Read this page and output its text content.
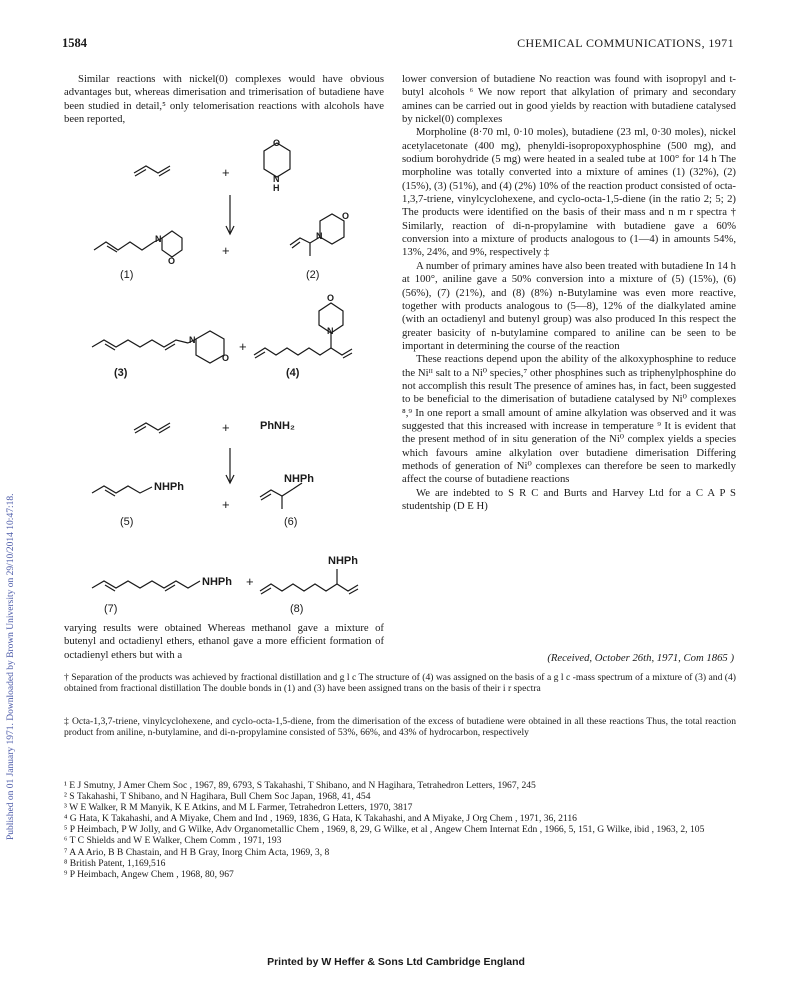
Published on 01 January 1971. Downloaded by Brown University on 29/10/2014 10:47:18.
1584	CHEMICAL COMMUNICATIONS, 1971

Similar reactions with nickel(0) complexes would have obvious advantages but, whereas dimerisation and trimerisation of butadiene have been studied in detail,⁵ only telomerisation reactions with alcohols have been reported,

+	N
H
O
+
O
N	N
O
(1)	(2)
+
N
O
N
O
(3)	(4)
+	PhNH₂
NHPh
NHPh
+
(5)	(6)
NHPh
NHPh +
(7)	(8)

varying results were obtained Whereas methanol gave a mixture of butenyl and octadienyl ethers, ethanol gave a more efficient formation of octadienyl ethers but with a

lower conversion of butadiene No reaction was found with isopropyl and t-butyl alcohols ⁶ We now report that alkylation of primary and secondary amines can be carried out in good yields by reaction with butadiene catalysed by nickel(0) complexes

Morpholine (8·70 ml, 0·10 moles), butadiene (23 ml, 0·30 moles), nickel acetylacetonate (400 mg), phenyldi-isopropoxyphosphine (500 mg), and sodium borohydride (5 mg) were heated in a sealed tube at 100° for 14 h The morpholine was totally converted into a mixture of amines (1) (32%), (2) (15%), (3) (51%), and (4) (2%) 10% of the reaction product consisted of octa-1,3,7-triene, vinylcyclohexene, and cyclo-octa-1,5-diene (in the ratio 2; 5; 2) The products were identified on the basis of their mass and n m r spectra † Similarly, reaction of di-n-propylamine with butadiene gave a 60% conversion into a mixture of products analogous to (1—4) in amounts 54%, 13%, 24%, and 9%, respectively ‡

A number of primary amines have also been treated with butadiene In 14 h at 100°, aniline gave a 50% conversion into a mixture of (5) (15%), (6) (56%), (7) (21%), and (8) (8%) n-Butylamine was even more reactive, together with products analogous to (5—8), 12% of the dialkylated amine (with an octadienyl and butenyl group) was also produced In this respect the greater basicity of n-butylamine compared to aniline can be seen to be important in determining the course of the reaction

These reactions depend upon the ability of the alkoxyphosphine to reduce the Niᴵᴵ salt to a Ni⁰ species,⁷ other phosphines such as triphenylphosphine do not accomplish this result The presence of amines has, in fact, been suggested to be beneficial to the dimerisation of butadiene catalysed by Ni⁰ complexes ⁸,⁹ In one report a small amount of amine alkylation was observed and it was suggested that this increased with increase in temperature ⁹ It is evident that the present method of in situ generation of the Ni⁰ complex yields a species which favours amine alkylation over butadiene dimerisation Differing methods of generation of Ni⁰ complexes can therefore be seen to markedly affect the course of butadiene reactions

We are indebted to S R C and Burts and Harvey Ltd for a C A P S studentship (D E H)

(Received, October 26th, 1971, Com 1865 )

† Separation of the products was achieved by fractional distillation and g l c The structure of (4) was assigned on the basis of a g l c -mass spectrum of a mixture of (3) and (4) obtained from fractional distillation The double bonds in (1) and (3) have been assigned trans on the basis of their i r spectra

‡ Octa-1,3,7-triene, vinylcyclohexene, and cyclo-octa-1,5-diene, from the dimerisation of the excess of butadiene were obtained in all these reactions Thus, the total reaction product from aniline, n-butylamine, and di-n-propylamine consisted of 53%, 66%, and 43% of hydrocarbon, respectively

¹ E J Smutny, J Amer Chem Soc , 1967, 89, 6793, S Takahashi, T Shibano, and N Hagihara, Tetrahedron Letters, 1967, 245

² S Takahashi, T Shibano, and N Hagihara, Bull Chem Soc Japan, 1968, 41, 454

³ W E Walker, R M Manyik, K E Atkins, and M L Farmer, Tetrahedron Letters, 1970, 3817

⁴ G Hata, K Takahashi, and A Miyake, Chem and Ind , 1969, 1836, G Hata, K Takahashi, and A Miyake, J Org Chem , 1971, 36, 2116

⁵ P Heimbach, P W Jolly, and G Wilke, Adv Organometallic Chem , 1969, 8, 29, G Wilke, et al , Angew Chem Internat Edn , 1966, 5, 151, G Wilke, ibid , 1963, 2, 105

⁶ T C Shields and W E Walker, Chem Comm , 1971, 193

⁷ A A Ario, B B Chastain, and H B Gray, Inorg Chim Acta, 1969, 3, 8

⁸ British Patent, 1,169,516

⁹ P Heimbach, Angew Chem , 1968, 80, 967

Printed by W Heffer & Sons Ltd Cambridge England
